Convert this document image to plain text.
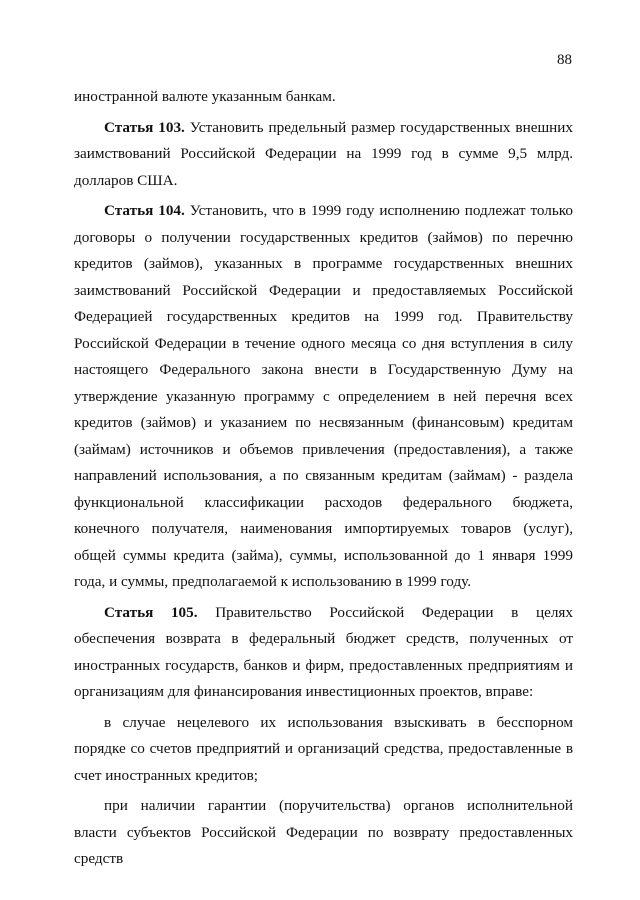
88

иностранной валюте указанным банкам.

Статья 103. Установить предельный размер государственных внешних заимствований Российской Федерации на 1999 год в сумме 9,5 млрд. долларов США.

Статья 104. Установить, что в 1999 году исполнению подлежат только договоры о получении государственных кредитов (займов) по перечню кредитов (займов), указанных в программе государственных внешних заимствований Российской Федерации и предоставляемых Российской Федерацией государственных кредитов на 1999 год. Правительству Российской Федерации в течение одного месяца со дня вступления в силу настоящего Федерального закона внести в Государственную Думу на утверждение указанную программу с определением в ней перечня всех кредитов (займов) и указанием по несвязанным (финансовым) кредитам (займам) источников и объемов привлечения (предоставления), а также направлений использования, а по связанным кредитам (займам) - раздела функциональной классификации расходов федерального бюджета, конечного получателя, наименования импортируемых товаров (услуг), общей суммы кредита (займа), суммы, использованной до 1 января 1999 года, и суммы, предполагаемой к использованию в 1999 году.

Статья 105. Правительство Российской Федерации в целях обеспечения возврата в федеральный бюджет средств, полученных от иностранных государств, банков и фирм, предоставленных предприятиям и организациям для финансирования инвестиционных проектов, вправе:

в случае нецелевого их использования взыскивать в бесспорном порядке со счетов предприятий и организаций средства, предоставленные в счет иностранных кредитов;

при наличии гарантии (поручительства) органов исполнительной власти субъектов Российской Федерации по возврату предоставленных средств
